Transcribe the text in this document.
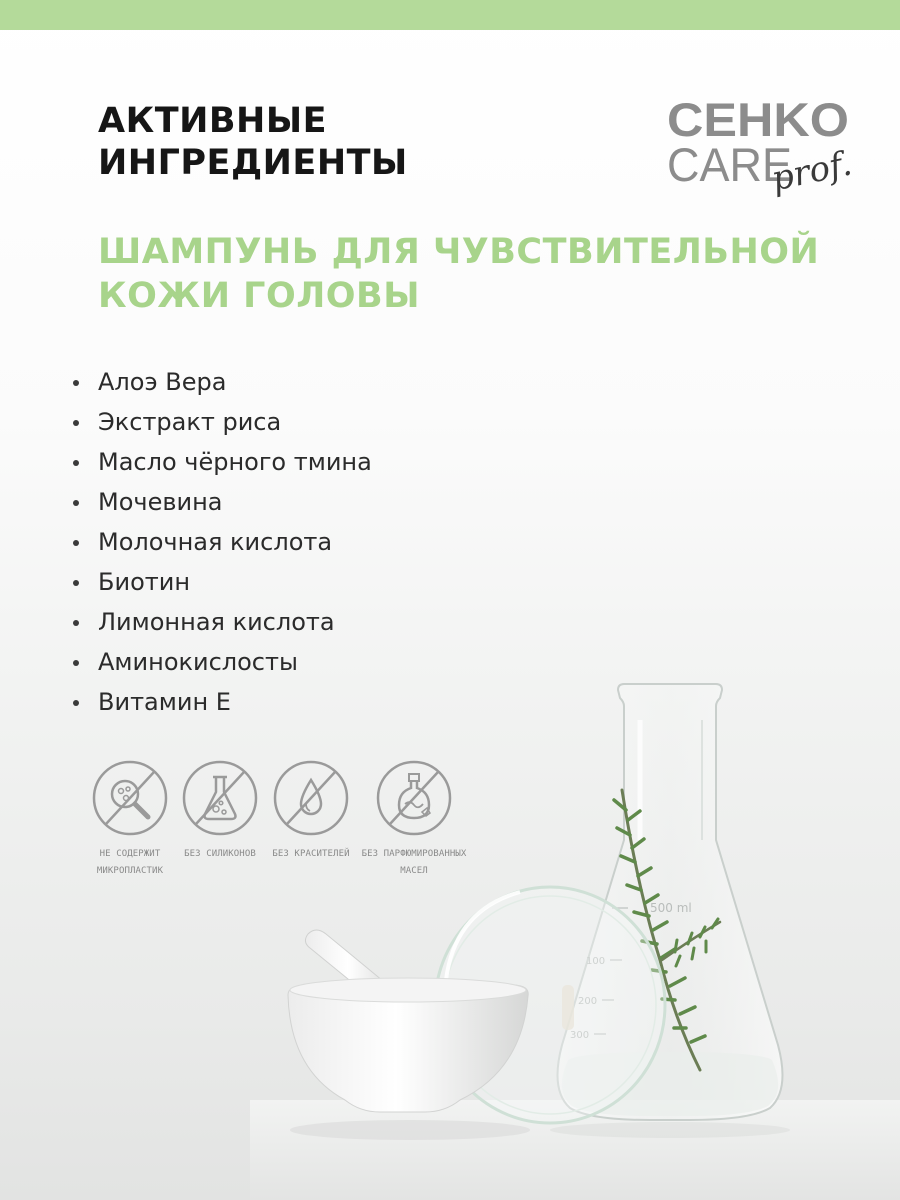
АКТИВНЫЕ
ИНГРЕДИЕНТЫ
CEHKO
CARE
prof.
ШАМПУНЬ ДЛЯ ЧУВСТВИТЕЛЬНОЙ
КОЖИ ГОЛОВЫ
Алоэ Вера
Экстракт риса
Масло чёрного тмина
Мочевина
Молочная кислота
Биотин
Лимонная кислота
Аминокислосты
Витамин Е
НЕ СОДЕРЖИТ
МИКРОПЛАСТИК
БЕЗ СИЛИКОНОВ	БЕЗ КРАСИТЕЛЕЙ	БЕЗ ПАРФЮМИРОВАННЫХ
МАСЕЛ
500 ml
100
200
300
